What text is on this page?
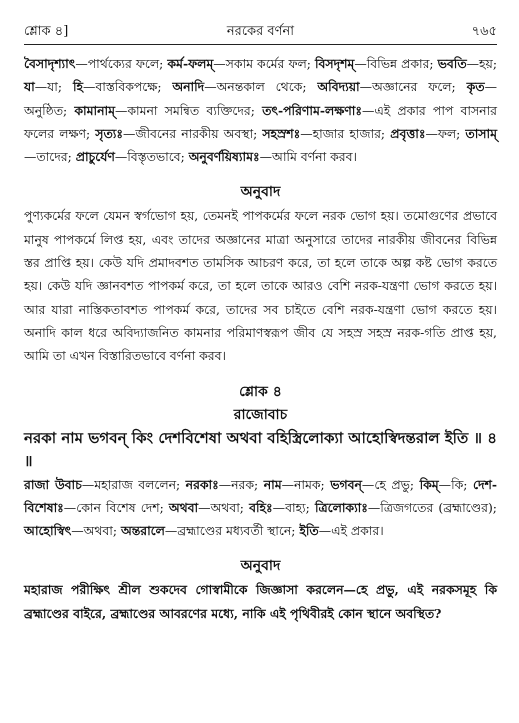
শ্লোক ৪]	নরকের বর্ণনা	৭৬৫

বৈসাদৃশ্যাৎ—পার্থক্যের ফলে; কর্ম-ফলম্—সকাম কর্মের ফল; বিসদৃশম্—বিভিন্ন প্রকার; ভবতি—হয়; যা—যা; হি—বাস্তবিকপক্ষে; অনাদি—অনন্তকাল থেকে; অবিদ্যয়া—অজ্ঞানের ফলে; কৃত—অনুষ্ঠিত; কামানাম্—কামনা সমন্বিত ব্যক্তিদের; তৎ-পরিণাম-লক্ষণাঃ—এই প্রকার পাপ বাসনার ফলের লক্ষণ; সৃত্যঃ—জীবনের নারকীয় অবস্থা; সহস্রশঃ—হাজার হাজার; প্রবৃত্তাঃ—ফল; তাসাম্—তাদের; প্রাচুর্যেণ—বিস্তৃতভাবে; অনুবর্ণয়িষ্যামঃ—আমি বর্ণনা করব।

অনুবাদ

পুণ্যকর্মের ফলে যেমন স্বর্গভোগ হয়, তেমনই পাপকর্মের ফলে নরক ভোগ হয়। তমোগুণের প্রভাবে মানুষ পাপকর্মে লিপ্ত হয়, এবং তাদের অজ্ঞানের মাত্রা অনুসারে তাদের নারকীয় জীবনের বিভিন্ন স্তর প্রাপ্তি হয়। কেউ যদি প্রমাদবশত তামসিক আচরণ করে, তা হলে তাকে অল্প কষ্ট ভোগ করতে হয়। কেউ যদি জ্ঞানবশত পাপকর্ম করে, তা হলে তাকে আরও বেশি নরক-যন্ত্রণা ভোগ করতে হয়। আর যারা নাস্তিকতাবশত পাপকর্ম করে, তাদের সব চাইতে বেশি নরক-যন্ত্রণা ভোগ করতে হয়। অনাদি কাল ধরে অবিদ্যাজনিত কামনার পরিমাণস্বরূপ জীব যে সহস্র সহস্র নরক-গতি প্রাপ্ত হয়, আমি তা এখন বিস্তারিতভাবে বর্ণনা করব।

শ্লোক ৪
রাজোবাচ

নরকা নাম ভগবন্ কিং দেশবিশেষা অথবা বহিস্ত্রিলোক্যা আহোস্বিদন্তরাল ইতি ॥ ৪ ॥

রাজা উবাচ—মহারাজ বললেন; নরকাঃ—নরক; নাম—নামক; ভগবন্—হে প্রভু; কিম্—কি; দেশ-বিশেষাঃ—কোন বিশেষ দেশ; অথবা—অথবা; বহিঃ—বাহ্য; ত্রিলোক্যাঃ—ত্রিজগতের (ব্রহ্মাণ্ডের); আহোস্বিৎ—অথবা; অন্তরালে—ব্রহ্মাণ্ডের মধ্যবর্তী স্থানে; ইতি—এই প্রকার।

অনুবাদ

মহারাজ পরীক্ষিৎ শ্রীল শুকদেব গোস্বামীকে জিজ্ঞাসা করলেন—হে প্রভু, এই নরকসমূহ কি ব্রহ্মাণ্ডের বাইরে, ব্রহ্মাণ্ডের আবরণের মধ্যে, নাকি এই পৃথিবীরই কোন স্থানে অবস্থিত?
